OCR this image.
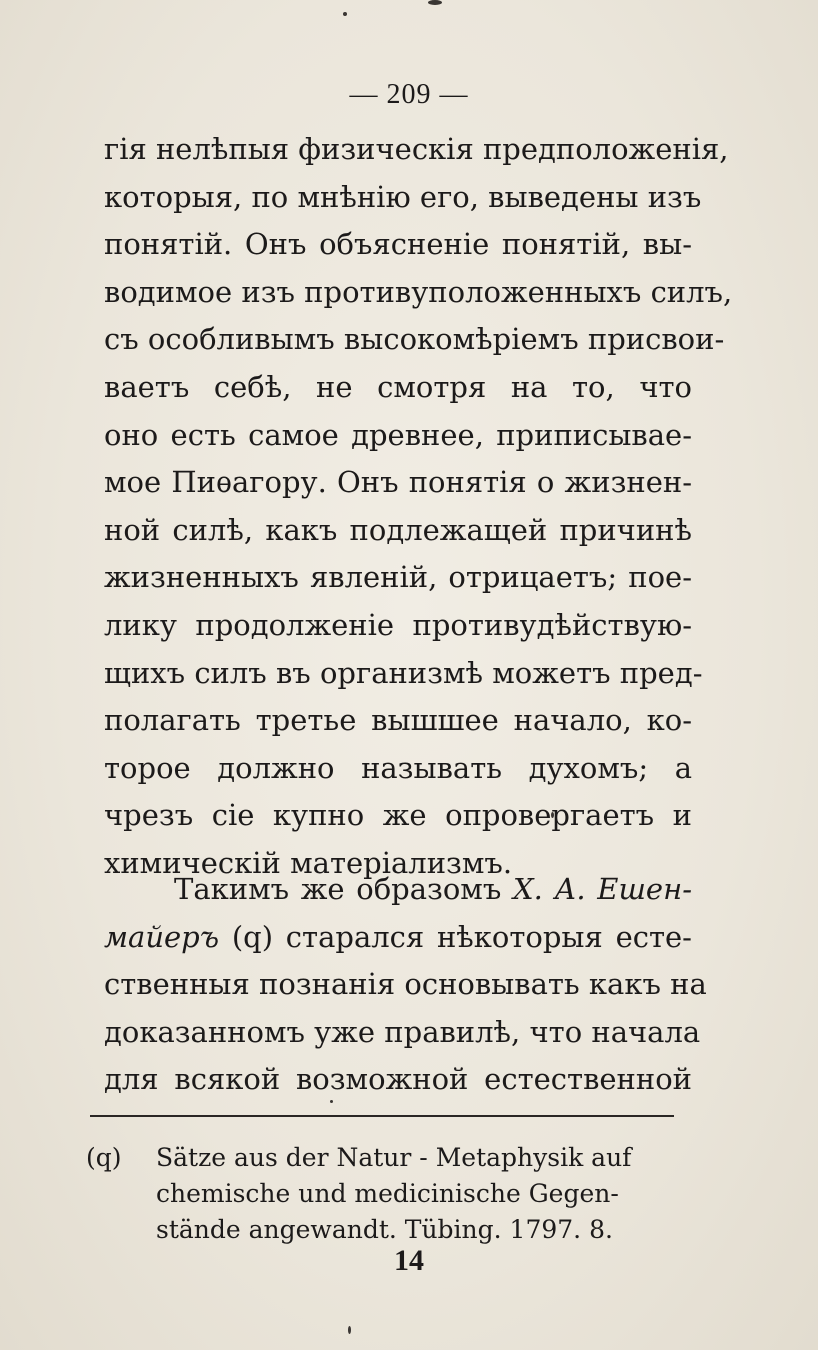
— 209 —
гія нелѣпыя физическія предположенія,
которыя, по мнѣнію его, выведены изъ
понятій. Онъ объясненіе понятій, вы-
водимое изъ противуположенныхъ силъ,
съ особливымъ высокомѣріемъ присвои-
ваетъ себѣ, не смотря на то, что
оно есть самое древнее, приписывае-
мое Пиѳагору. Онъ понятія о жизнен-
ной силѣ, какъ подлежащей причинѣ
жизненныхъ явленій, отрицаетъ; пое-
лику продолженіе противудѣйствую-
щихъ силъ въ организмѣ можетъ пред-
полагать третье вышшее начало, ко-
торое должно называть духомъ; а
чрезъ сіе купно же опровергаетъ и
химическій матеріализмъ.
Такимъ же образомъ Х. А. Ешен-
майеръ (q) старался нѣкоторыя есте-
ственныя познанія основывать какъ на
доказанномъ уже правилѣ, что начала
для всякой возможной естественной
(q) Sätze aus der Natur - Metaphysik auf
chemische und medicinische Gegen-
stände angewandt. Tübing. 1797. 8.
14
